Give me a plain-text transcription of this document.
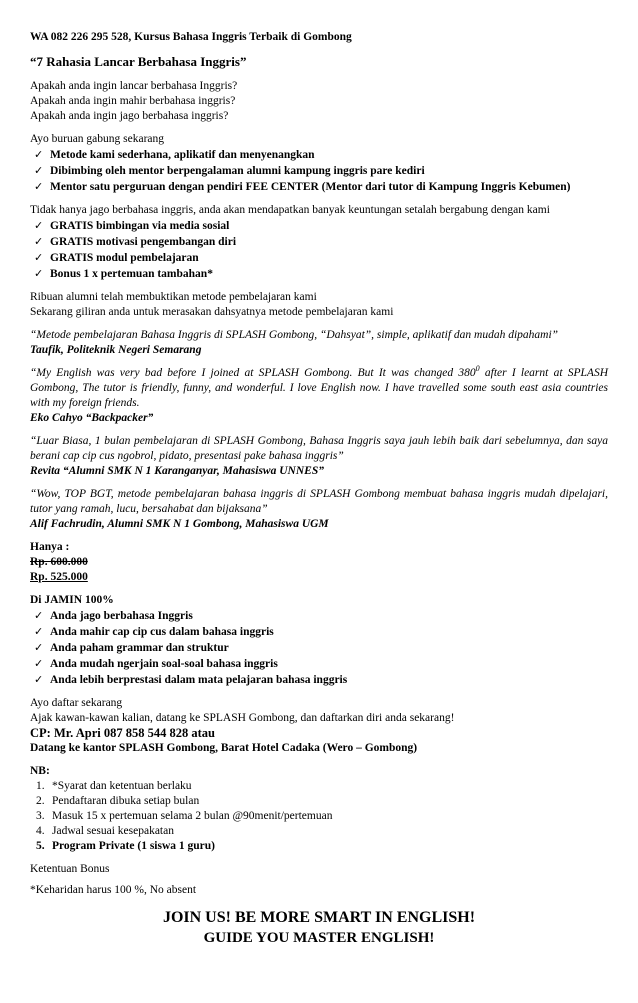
WA 082 226 295 528, Kursus Bahasa Inggris Terbaik di Gombong
“7 Rahasia Lancar Berbahasa Inggris”
Apakah anda ingin lancar berbahasa Inggris?
Apakah anda ingin mahir berbahasa inggris?
Apakah anda ingin jago berbahasa inggris?
Ayo buruan gabung sekarang
✓ Metode kami sederhana, aplikatif dan menyenangkan
✓ Dibimbing oleh mentor berpengalaman alumni kampung inggris pare kediri
✓ Mentor satu perguruan dengan pendiri FEE CENTER (Mentor dari tutor di Kampung Inggris Kebumen)
Tidak hanya jago berbahasa inggris, anda akan mendapatkan banyak keuntungan setalah bergabung dengan kami
✓ GRATIS bimbingan via media sosial
✓ GRATIS motivasi pengembangan diri
✓ GRATIS modul pembelajaran
✓ Bonus 1 x pertemuan tambahan*
Ribuan alumni telah membuktikan metode pembelajaran kami
Sekarang giliran anda untuk merasakan dahsyatnya metode pembelajaran kami
“Metode pembelajaran Bahasa Inggris di SPLASH Gombong, “Dahsyat”, simple, aplikatif dan mudah dipahami”
Taufik, Politeknik Negeri Semarang
“My English was very bad before I joined at SPLASH Gombong. But It was changed $380^0$ after I learnt at SPLASH Gombong, The tutor is friendly, funny, and wonderful. I love English now. I have travelled some south east asia countries with my foreign friends.
Eko Cahyo “Backpacker”
“Luar Biasa, 1 bulan pembelajaran di SPLASH Gombong, Bahasa Inggris saya jauh lebih baik dari sebelumnya, dan saya berani cap cip cus ngobrol, pidato, presentasi pake bahasa inggris”
Revita “Alumni SMK N 1 Karanganyar, Mahasiswa UNNES”
“Wow, TOP BGT, metode pembelajaran bahasa inggris di SPLASH Gombong membuat bahasa inggris mudah dipelajari, tutor yang ramah, lucu, bersahabat dan bijaksana”
Alif Fachrudin, Alumni SMK N 1 Gombong, Mahasiswa UGM
Hanya :
Rp. 600.000
Rp. 525.000
Di JAMIN 100%
✓ Anda jago berbahasa Inggris
✓ Anda mahir cap cip cus dalam bahasa inggris
✓ Anda paham grammar dan struktur
✓ Anda mudah ngerjain soal-soal bahasa inggris
✓ Anda lebih berprestasi dalam mata pelajaran bahasa inggris
Ayo daftar sekarang
Ajak kawan-kawan kalian, datang ke SPLASH Gombong, dan daftarkan diri anda sekarang!
CP: Mr. Apri 087 858 544 828 atau
Datang ke kantor SPLASH Gombong, Barat Hotel Cadaka (Wero – Gombong)
NB:
1. *Syarat dan ketentuan berlaku
2. Pendaftaran dibuka setiap bulan
3. Masuk 15 x pertemuan selama 2 bulan @90menit/pertemuan
4. Jadwal sesuai kesepakatan
5. Program Private (1 siswa 1 guru)
Ketentuan Bonus
*Keharidan harus 100 %, No absent
JOIN US! BE MORE SMART IN ENGLISH!
GUIDE YOU MASTER ENGLISH!
